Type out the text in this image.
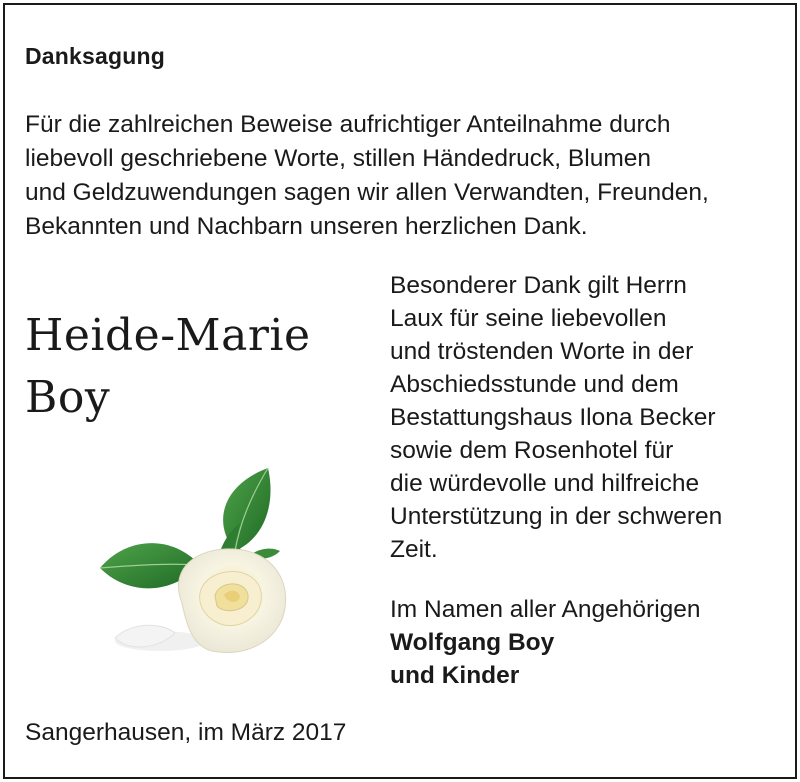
Danksagung
Für die zahlreichen Beweise aufrichtiger Anteilnahme durch
liebevoll geschriebene Worte, stillen Händedruck, Blumen
und Geldzuwendungen sagen wir allen Verwandten, Freunden,
Bekannten und Nachbarn unseren herzlichen Dank.
Heide-Marie
Boy
Besonderer Dank gilt Herrn
Laux für seine liebevollen
und tröstenden Worte in der
Abschiedsstunde und dem
Bestattungshaus Ilona Becker
sowie dem Rosenhotel für
die würdevolle und hilfreiche
Unterstützung in der schweren
Zeit.
Im Namen aller Angehörigen
Wolfgang Boy
und Kinder
Sangerhausen, im März 2017
